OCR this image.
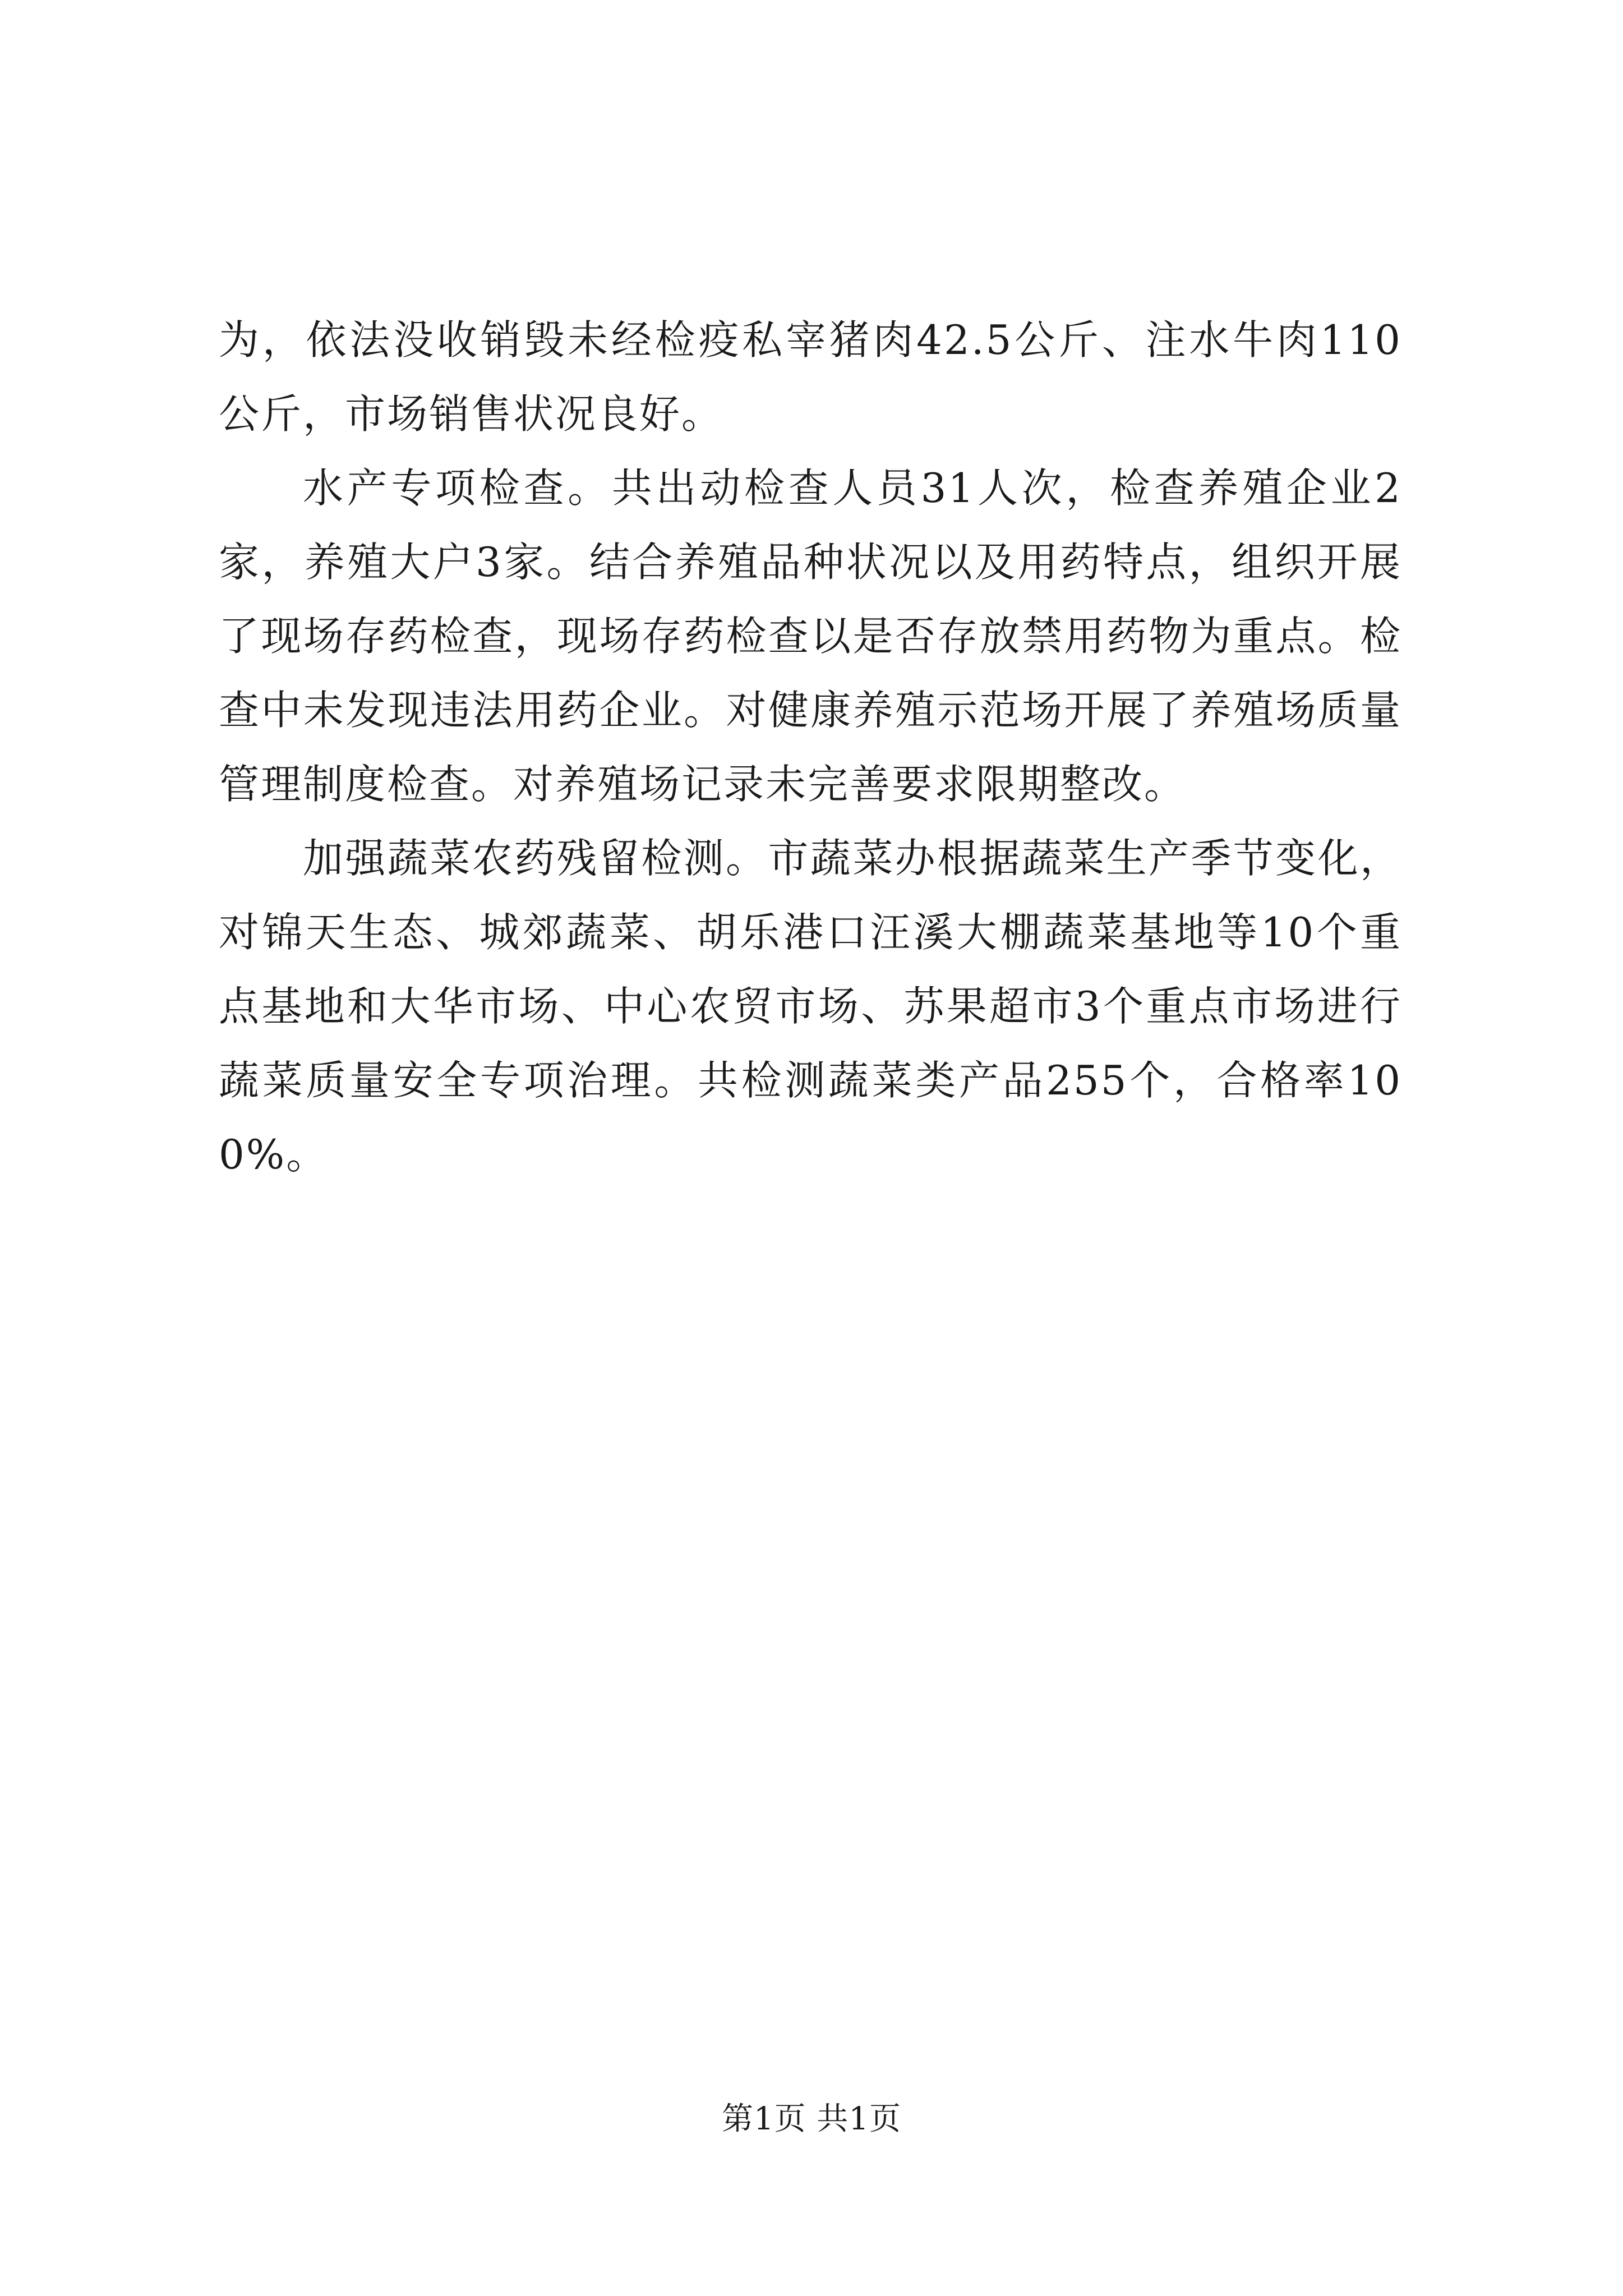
为，依法没收销毁未经检疫私宰猪肉42.5公斤、注水牛肉110公斤，市场销售状况良好。

水产专项检查。共出动检查人员31人次，检查养殖企业2家，养殖大户3家。结合养殖品种状况以及用药特点，组织开展了现场存药检查，现场存药检查以是否存放禁用药物为重点。检查中未发现违法用药企业。对健康养殖示范场开展了养殖场质量管理制度检查。对养殖场记录未完善要求限期整改。

加强蔬菜农药残留检测。市蔬菜办根据蔬菜生产季节变化，对锦天生态、城郊蔬菜、胡乐港口汪溪大棚蔬菜基地等10个重点基地和大华市场、中心农贸市场、苏果超市3个重点市场进行蔬菜质量安全专项治理。共检测蔬菜类产品255个，合格率100%。

第1页 共1页
